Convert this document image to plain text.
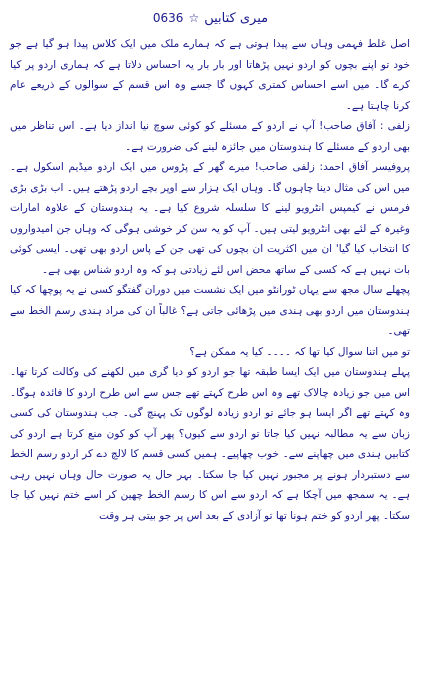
میری کتابیں
☆
0636

اصل غلط فہمی وہاں سے پیدا ہوتی ہے کہ ہمارے ملک میں ایک کلاس پیدا ہو گیا ہے جو خود تو اپنے بچوں کو اردو نہیں پڑھاتا اور بار بار یہ احساس دلاتا ہے کہ ہماری اردو پر کیا کرے گا۔ میں اسے احساس کمتری کہوں گا جسے وہ اس قسم کے سوالوں کے ذریعے عام کرنا چاہتا ہے۔

زلفی : آفاق صاحب! آپ نے اردو کے مسئلے کو کوئی سوچ نیا انداز دیا ہے۔ اس تناظر میں بھی اردو کے مسئلے کا ہندوستان میں جائزہ لینے کی ضرورت ہے۔

پروفیسر آفاق احمد: زلفی صاحب! میرے گھر کے پڑوس میں ایک اردو میڈیم اسکول ہے۔ میں اس کی مثال دینا چاہوں گا۔ وہاں ایک ہزار سے اوپر بچے اردو پڑھتے ہیں۔ اب بڑی بڑی فرمس نے کیمپس انٹرویو لینے کا سلسلہ شروع کیا ہے۔ یہ ہندوستان کے علاوہ امارات وغیرہ کے لئے بھی انٹرویو لیتی ہیں۔ آپ کو یہ سن کر خوشی ہوگی کہ وہاں جن امیدواروں کا انتخاب کیا گیا' ان میں اکثریت ان بچوں کی تھی جن کے پاس اردو بھی تھی۔ ایسی کوئی بات نہیں ہے کہ کسی کے ساتھ محض اس لئے زیادتی ہو کہ وہ اردو شناس بھی ہے۔

پچھلے سال مجھ سے یہاں ٹورانٹو میں ایک نشست میں دوران گفتگو کسی نے یہ پوچھا کہ کیا ہندوستان میں اردو بھی ہندی میں پڑھائی جاتی ہے؟ غالباً ان کی مراد ہندی رسم الخط سے تھی۔

تو میں اتنا سوال کیا تھا کہ ۔۔۔۔ کیا یہ ممکن ہے؟

پہلے ہندوستان میں ایک ایسا طبقہ تھا جو اردو کو دیا گری میں لکھنے کی وکالت کرتا تھا۔ اس میں جو زیادہ چالاک تھے وہ اس طرح کہتے تھے جس سے اس طرح اردو کا فائدہ ہوگا۔ وہ کہتے تھے اگر ایسا ہو جائے تو اردو زیادہ لوگوں تک پہنچ گی۔ جب ہندوستان کی کسی زبان سے یہ مطالبہ نہیں کیا جاتا تو اردو سے کیوں؟ پھر آپ کو کون منع کرتا ہے اردو کی کتابیں ہندی میں چھاپنے سے۔ خوب چھاپیے۔ ہمیں کسی قسم کا لالچ دے کر اردو رسم الخط سے دستبردار ہونے پر مجبور نہیں کیا جا سکتا۔ بہر حال یہ صورت حال وہاں نہیں رہی ہے۔ یہ سمجھ میں آچکا ہے کہ اردو سے اس کا رسم الخط چھین کر اسے ختم نہیں کیا جا سکتا۔ پھر اردو کو ختم ہونا تھا تو آزادی کے بعد اس پر جو بیتی ہر وقت
